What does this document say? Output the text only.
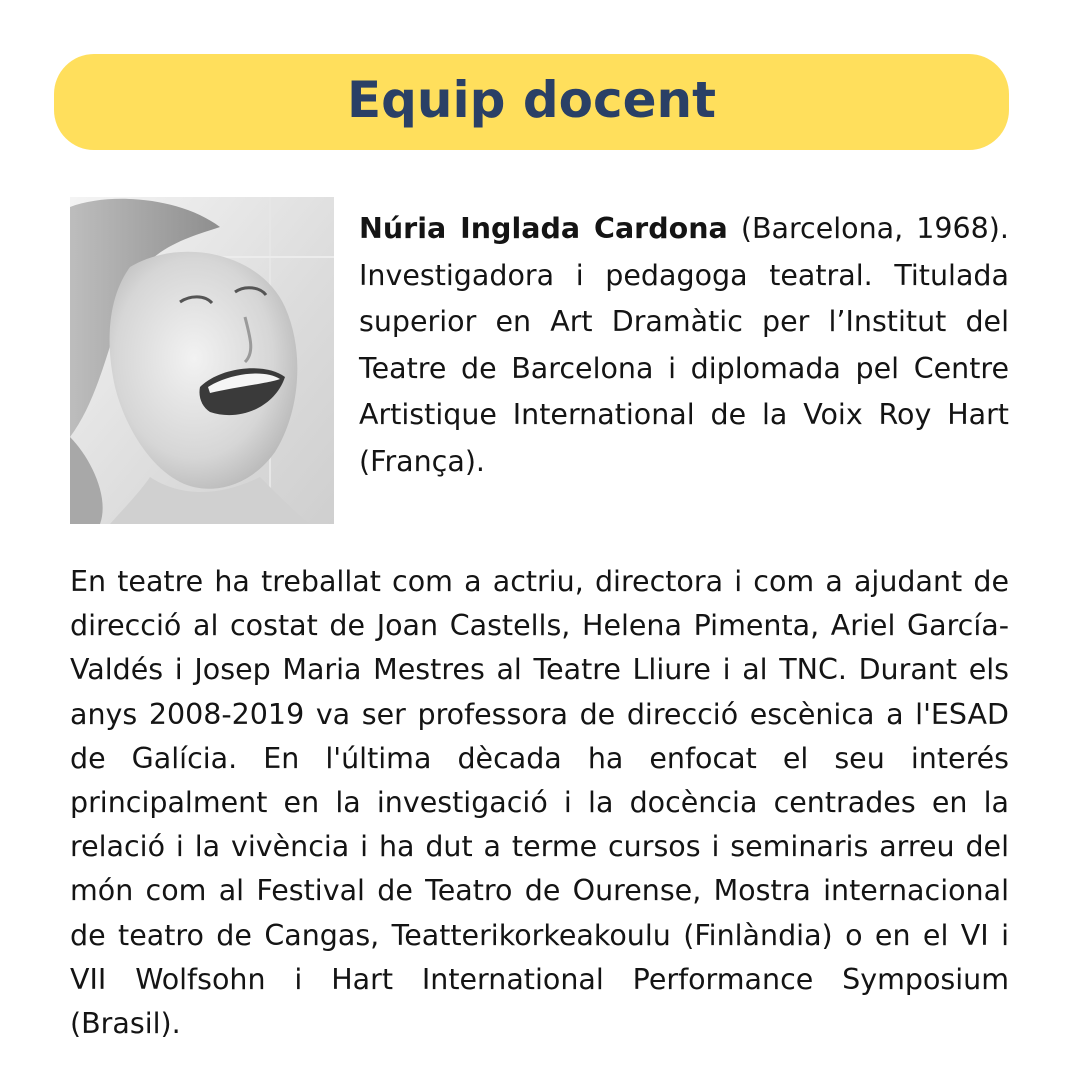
Equip docent

Núria Inglada Cardona (Barcelona, 1968). Investigadora i pedagoga teatral. Titulada superior en Art Dramàtic per l’Institut del Teatre de Barcelona i diplomada pel Centre Artistique International de la Voix Roy Hart (França).

En teatre ha treballat com a actriu, directora i com a ajudant de direcció al costat de Joan Castells, Helena Pimenta, Ariel García-Valdés i Josep Maria Mestres al Teatre Lliure i al TNC. Durant els anys 2008-2019 va ser professora de direcció escènica a l'ESAD de Galícia. En l'última dècada ha enfocat el seu interés principalment en la investigació i la docència centrades en la relació i la vivència i ha dut a terme cursos i seminaris arreu del món com al Festival de Teatro de Ourense, Mostra internacional de teatro de Cangas, Teatterikorkeakoulu (Finlàndia) o en el VI i VII Wolfsohn i Hart International Performance Symposium (Brasil).
